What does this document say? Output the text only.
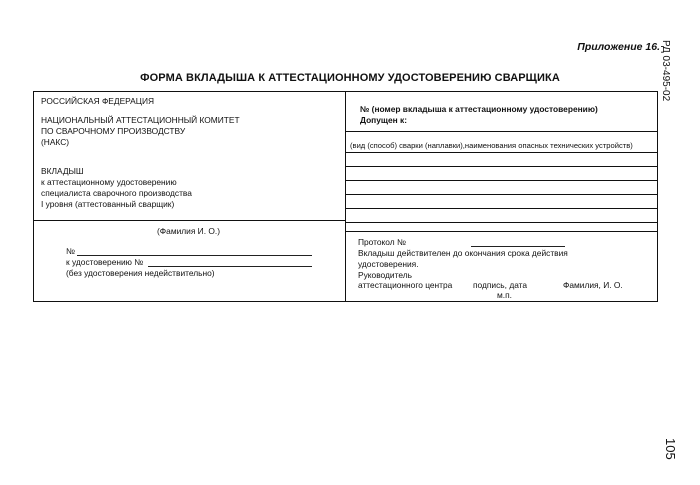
Приложение 16. РД 03-495-02
105
ФОРМА ВКЛАДЫША К АТТЕСТАЦИОННОМУ УДОСТОВЕРЕНИЮ СВАРЩИКА
РОССИЙСКАЯ ФЕДЕРАЦИЯ
НАЦИОНАЛЬНЫЙ АТТЕСТАЦИОННЫЙ КОМИТЕТ
ПО СВАРОЧНОМУ ПРОИЗВОДСТВУ
(НАКС)
ВКЛАДЫШ
к аттестационному удостоверению
специалиста сварочного производства
I уровня (аттестованный сварщик)
(Фамилия И. О.)
№
к удостоверению №
(без удостоверения недействительно)
№ (номер вкладыша к аттестационному удостоверению)
Допущен к:
(вид (способ) сварки (наплавки),наименования опасных технических устройств)
Протокол №
Вкладыш действителен до окончания срока действия
удостоверения.
Руководитель
аттестационного центра подпись, дата	Фамилия, И. О.
м.п.
